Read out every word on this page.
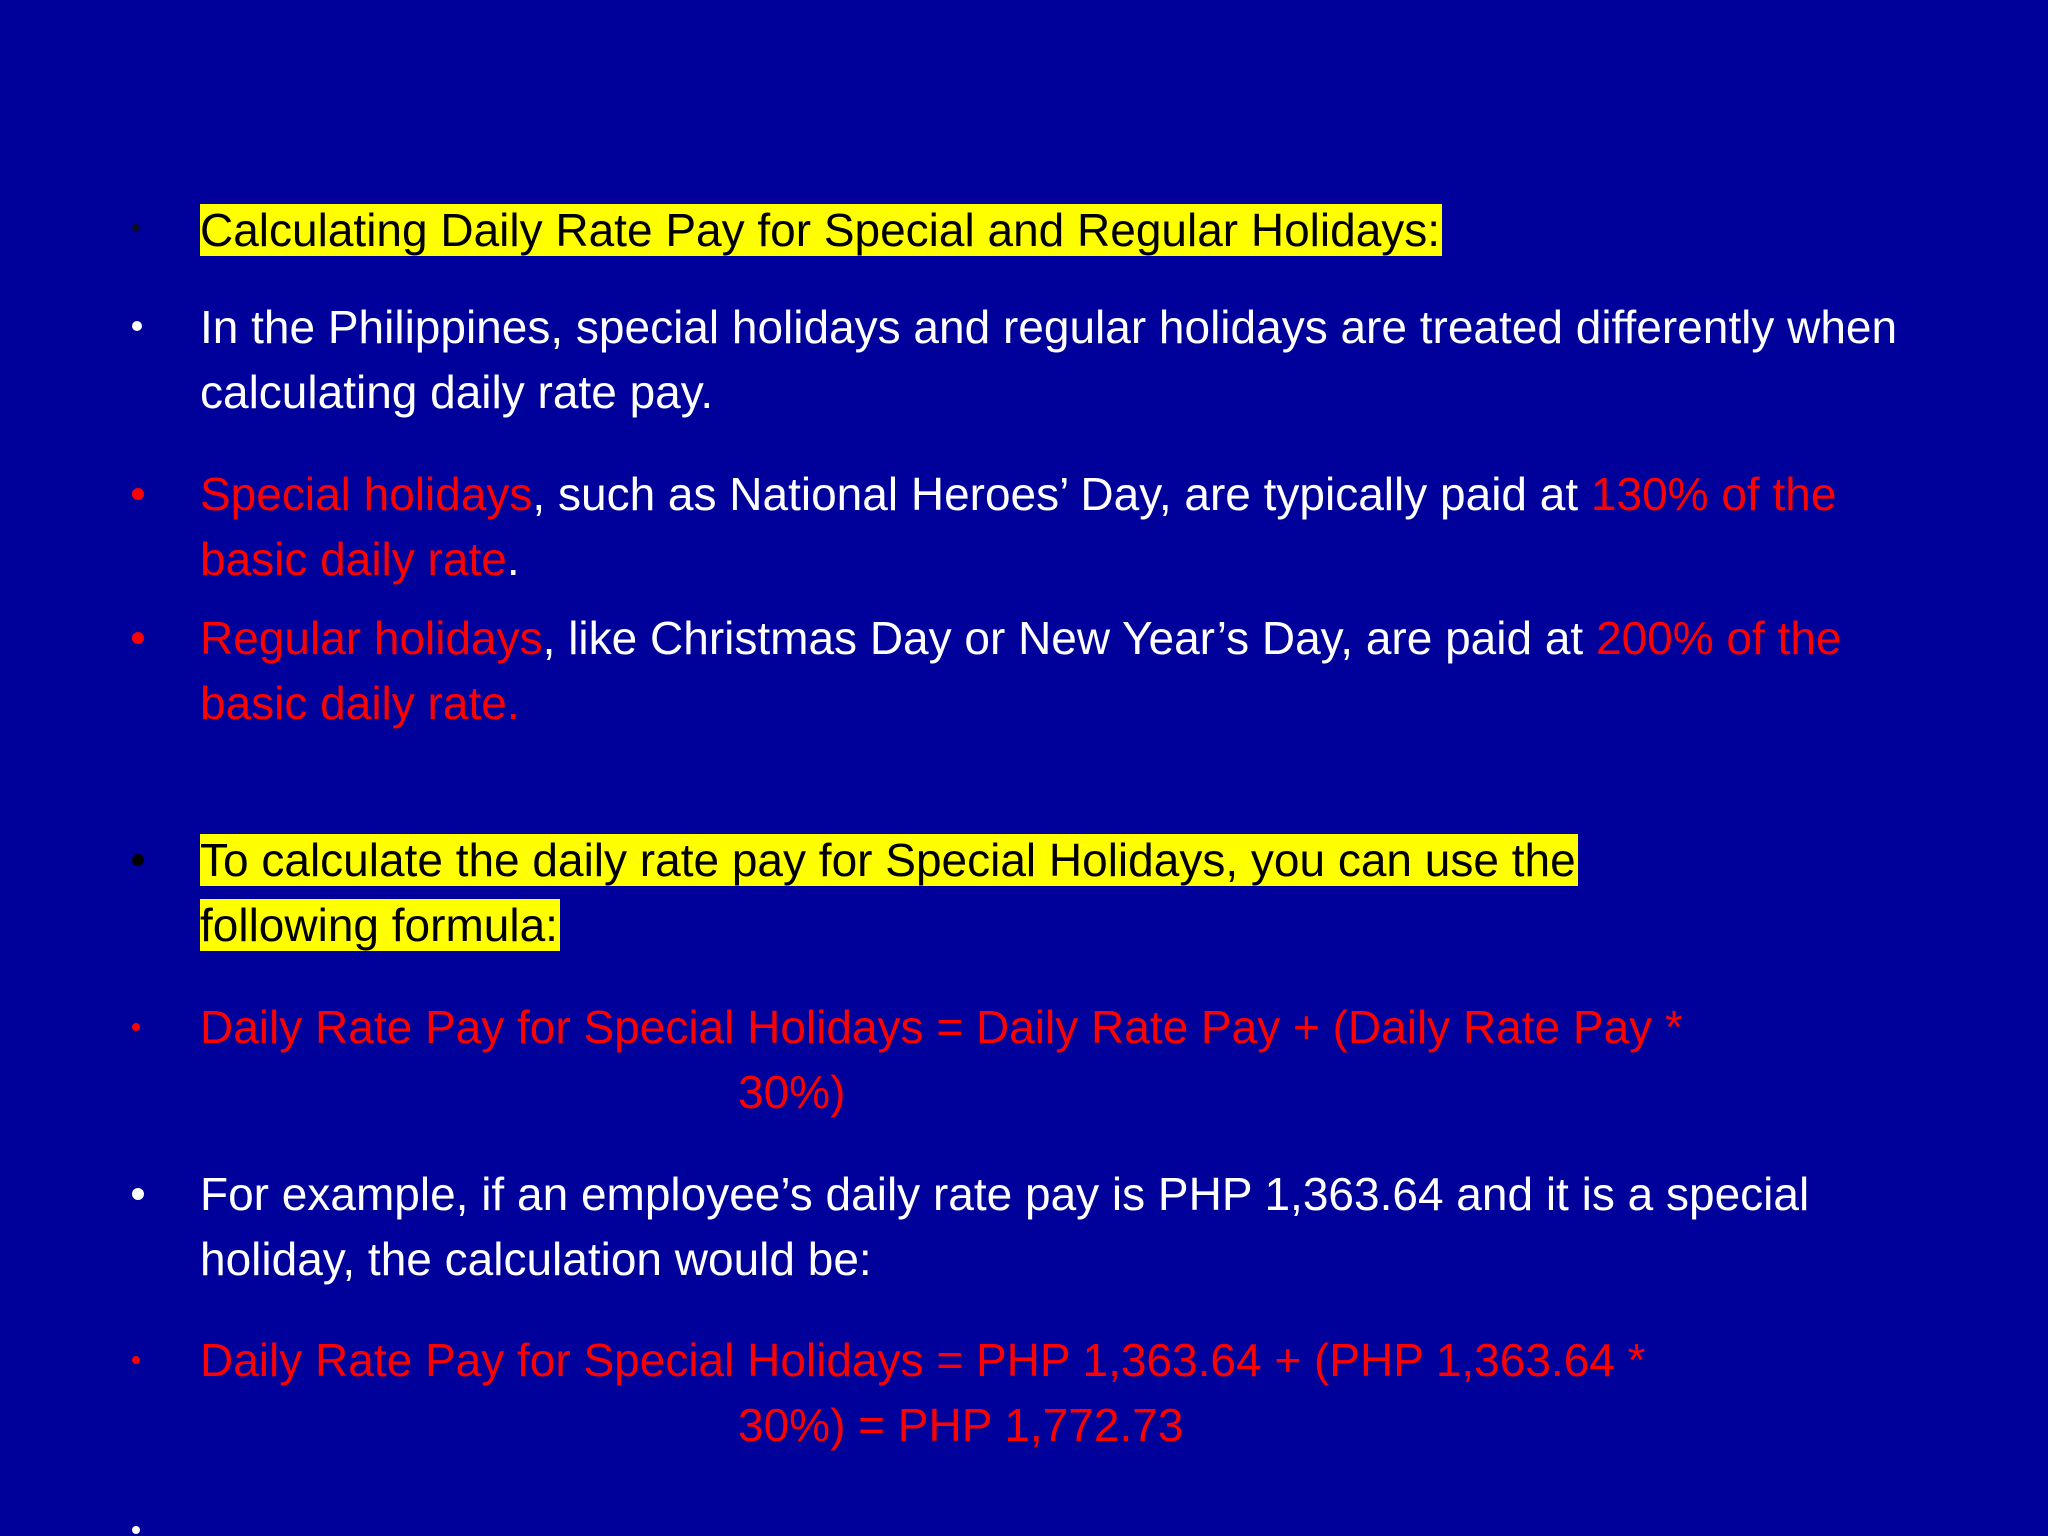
Calculating Daily Rate Pay for Special and Regular Holidays:
In the Philippines, special holidays and regular holidays are treated differently when calculating daily rate pay.
Special holidays, such as National Heroes’ Day, are typically paid at 130% of the basic daily rate.
Regular holidays, like Christmas Day or New Year’s Day, are paid at 200% of the basic daily rate.
To calculate the daily rate pay for Special Holidays, you can use the
following formula:
Daily Rate Pay for Special Holidays = Daily Rate Pay + (Daily Rate Pay *
30%)
For example, if an employee’s daily rate pay is PHP 1,363.64 and it is a special holiday, the calculation would be:
Daily Rate Pay for Special Holidays = PHP 1,363.64 + (PHP 1,363.64 *
30%) = PHP 1,772.73
